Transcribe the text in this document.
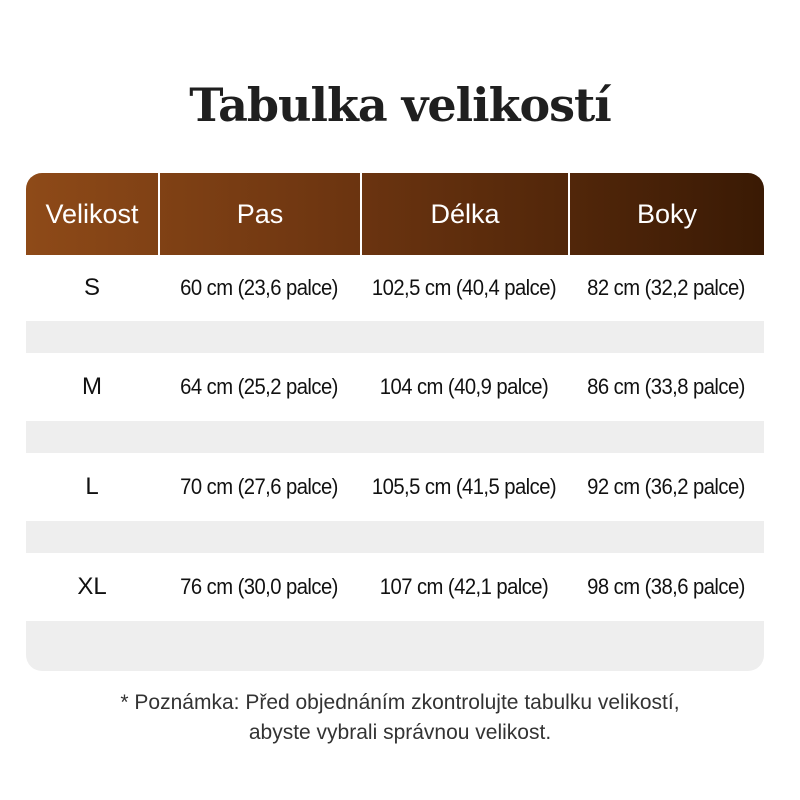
Tabulka velikostí
Velikost	Pas	Délka	Boky
S	60 cm (23,6 palce)	102,5 cm (40,4 palce)	82 cm (32,2 palce)
M	64 cm (25,2 palce)	104 cm (40,9 palce)	86 cm (33,8 palce)
L	70 cm (27,6 palce)	105,5 cm (41,5 palce)	92 cm (36,2 palce)
XL	76 cm (30,0 palce)	107 cm (42,1 palce)	98 cm (38,6 palce)
* Poznámka: Před objednáním zkontrolujte tabulku velikostí,
abyste vybrali správnou velikost.
